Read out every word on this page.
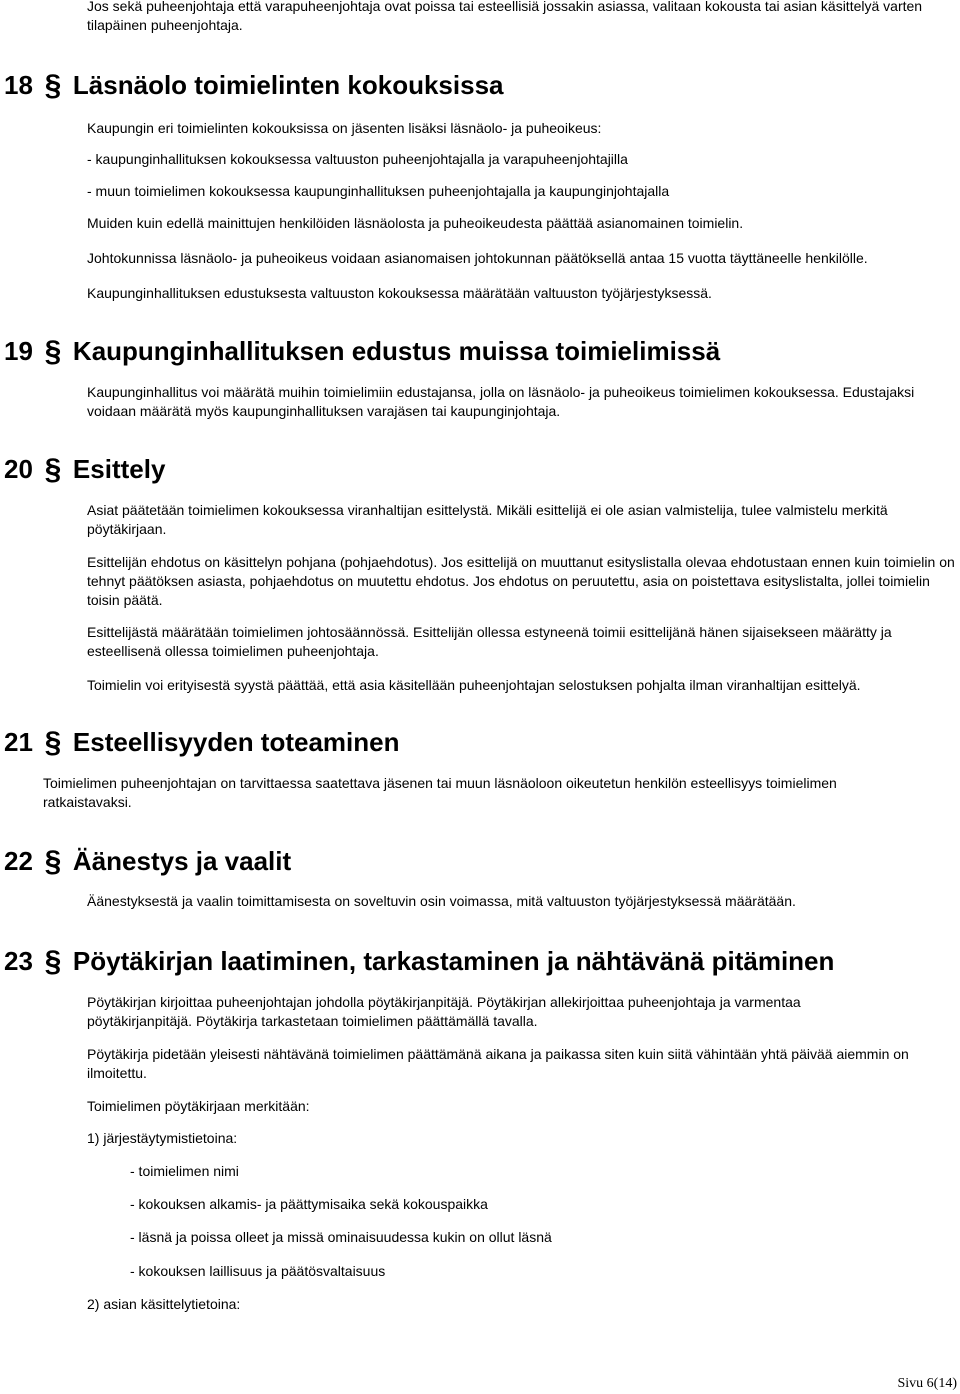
Jos sekä puheenjohtaja että varapuheenjohtaja ovat poissa tai esteellisiä jossakin asiassa, valitaan kokousta tai asian käsittelyä varten tilapäinen puheenjohtaja.

18 § Läsnäolo toimielinten kokouksissa

Kaupungin eri toimielinten kokouksissa on jäsenten lisäksi läsnäolo- ja puheoikeus:

- kaupunginhallituksen kokouksessa valtuuston puheenjohtajalla ja varapuheenjohtajilla

- muun toimielimen kokouksessa kaupunginhallituksen puheenjohtajalla ja kaupunginjohtajalla

Muiden kuin edellä mainittujen henkilöiden läsnäolosta ja puheoikeudesta päättää asianomainen toimielin.

Johtokunnissa läsnäolo- ja puheoikeus voidaan asianomaisen johtokunnan päätöksellä antaa 15 vuotta täyttäneelle henkilölle.

Kaupunginhallituksen edustuksesta valtuuston kokouksessa määrätään valtuuston työjärjestyksessä.

19 § Kaupunginhallituksen edustus muissa toimielimissä

Kaupunginhallitus voi määrätä muihin toimielimiin edustajansa, jolla on läsnäolo- ja puheoikeus toimielimen kokouksessa. Edustajaksi voidaan määrätä myös kaupunginhallituksen varajäsen tai kaupunginjohtaja.

20 § Esittely

Asiat päätetään toimielimen kokouksessa viranhaltijan esittelystä. Mikäli esittelijä ei ole asian valmistelija, tulee valmistelu merkitä pöytäkirjaan.

Esittelijän ehdotus on käsittelyn pohjana (pohjaehdotus). Jos esittelijä on muuttanut esityslistalla olevaa ehdotustaan ennen kuin toimielin on tehnyt päätöksen asiasta, pohjaehdotus on muutettu ehdotus. Jos ehdotus on peruutettu, asia on poistettava esityslistalta, jollei toimielin toisin päätä.

Esittelijästä määrätään toimielimen johtosäännössä. Esittelijän ollessa estyneenä toimii esittelijänä hänen sijaisekseen määrätty ja esteellisenä ollessa toimielimen puheenjohtaja.

Toimielin voi erityisestä syystä päättää, että asia käsitellään puheenjohtajan selostuksen pohjalta ilman viranhaltijan esittelyä.

21 § Esteellisyyden toteaminen

Toimielimen puheenjohtajan on tarvittaessa saatettava jäsenen tai muun läsnäoloon oikeutetun henkilön esteellisyys toimielimen ratkaistavaksi.

22 § Äänestys ja vaalit

Äänestyksestä ja vaalin toimittamisesta on soveltuvin osin voimassa, mitä valtuuston työjärjestyksessä määrätään.

23 § Pöytäkirjan laatiminen, tarkastaminen ja nähtävänä pitäminen

Pöytäkirjan kirjoittaa puheenjohtajan johdolla pöytäkirjanpitäjä. Pöytäkirjan allekirjoittaa puheenjohtaja ja varmentaa pöytäkirjanpitäjä. Pöytäkirja tarkastetaan toimielimen päättämällä tavalla.

Pöytäkirja pidetään yleisesti nähtävänä toimielimen päättämänä aikana ja paikassa siten kuin siitä vähintään yhtä päivää aiemmin on ilmoitettu.

Toimielimen pöytäkirjaan merkitään:

1) järjestäytymistietoina:

- toimielimen nimi

- kokouksen alkamis- ja päättymisaika sekä kokouspaikka

- läsnä ja poissa olleet ja missä ominaisuudessa kukin on ollut läsnä

- kokouksen laillisuus ja päätösvaltaisuus

2) asian käsittelytietoina:

Sivu 6(14)
